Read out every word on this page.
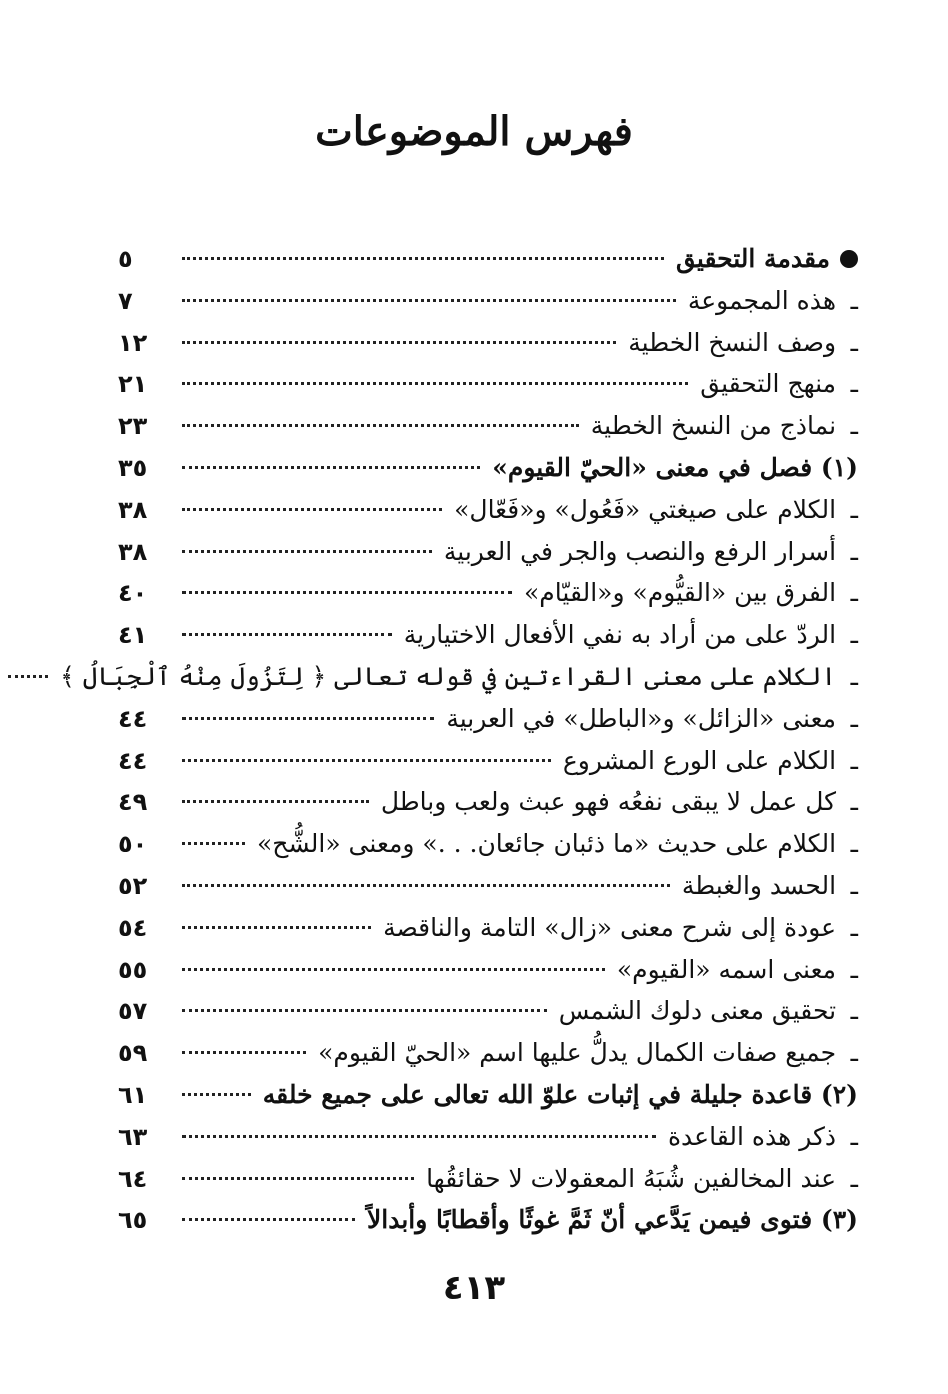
فهرس الموضوعات
مقدمة التحقيق
٥
ـ هذه المجموعة
٧
ـ وصف النسخ الخطية
١٢
ـ منهج التحقيق
٢١
ـ نماذج من النسخ الخطية
٢٣
(١) فصل في معنى «الحيّ القيوم»
٣٥
ـ الكلام على صيغتي «فَعُول» و«فَعّال»
٣٨
ـ أسرار الرفع والنصب والجر في العربية
٣٨
ـ الفرق بين «القيُّوم» و«القيّام»
٤٠
ـ الردّ على من أراد به نفي الأفعال الاختيارية
٤١
ـ الكلام على معنى القراءتين في قوله تعالى ﴿ لِتَزُولَ مِنْهُ ٱلْجِبَالُ ﴾
ـ معنى «الزائل» و«الباطل» في العربية
٤٤
ـ الكلام على الورع المشروع
٤٤
ـ كل عمل لا يبقى نفعُه فهو عبث ولعب وباطل
٤٩
ـ الكلام على حديث «ما ذئبان جائعان. . .» ومعنى «الشُّح»
٥٠
ـ الحسد والغبطة
٥٢
ـ عودة إلى شرح معنى «زال» التامة والناقصة
٥٤
ـ معنى اسمه «القيوم»
٥٥
ـ تحقيق معنى دلوك الشمس
٥٧
ـ جميع صفات الكمال يدلُّ عليها اسم «الحيّ القيوم»
٥٩
(٢) قاعدة جليلة في إثبات علوّ الله تعالى على جميع خلقه
٦١
ـ ذكر هذه القاعدة
٦٣
ـ عند المخالفين شُبَهُ المعقولات لا حقائقُها
٦٤
(٣) فتوى فيمن يَدَّعي أنّ ثَمَّ غوثًا وأقطابًا وأبدالاً
٦٥
٤١٣
